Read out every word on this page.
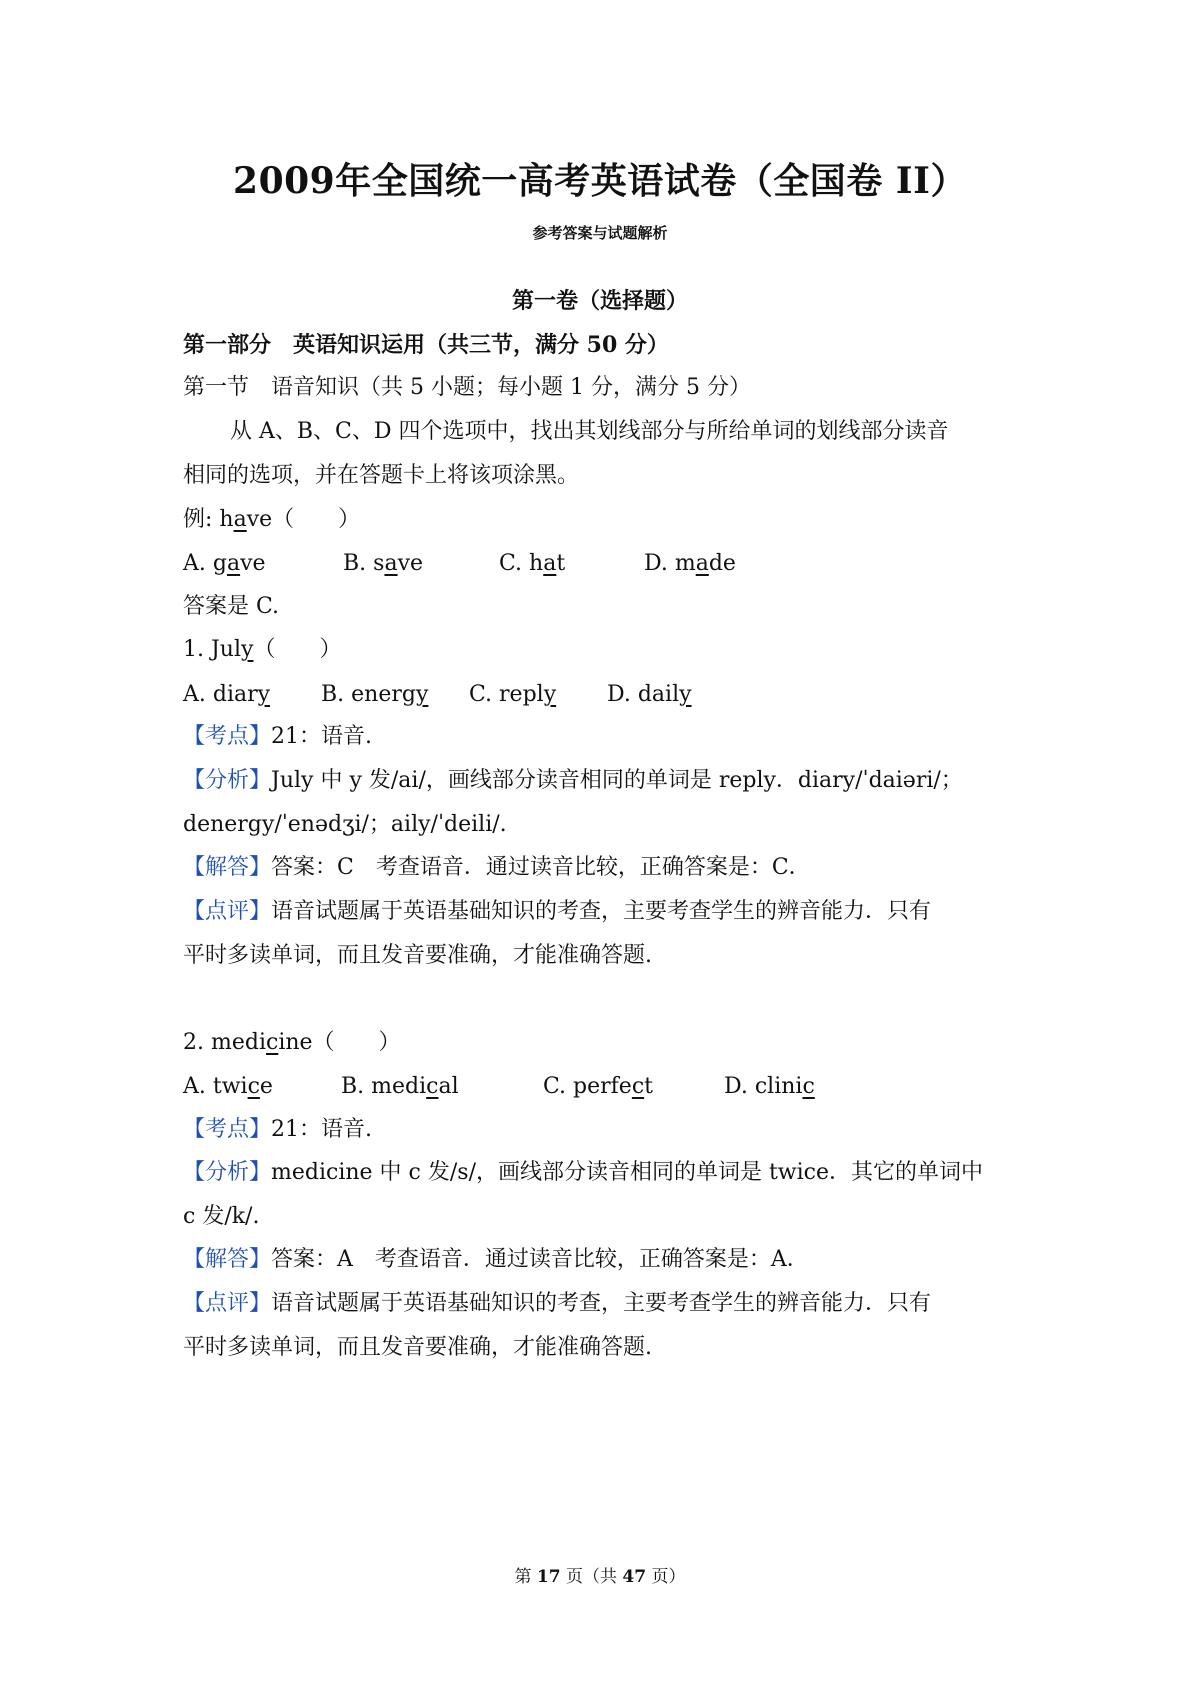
2009年全国统一高考英语试卷（全国卷 II）
参考答案与试题解析
第一卷（选择题）
第一部分　英语知识运用（共三节，满分 50 分）
第一节　语音知识（共 5 小题；每小题 1 分，满分 5 分）
从 A、B、C、D 四个选项中，找出其划线部分与所给单词的划线部分读音
相同的选项，并在答题卡上将该项涂黑。
例: have（　　）
A. gave	B. save	C. hat	D. made
答案是 C.
1. July（　　）
A. diary B. energy C. reply D. daily
【考点】21：语音.
【分析】July 中 y 发/ai/，画线部分读音相同的单词是 reply．diary/ˈdaiəri/；
denergy/ˈenədʒi/；aily/ˈdeili/.
【解答】答案：C　考查语音．通过读音比较，正确答案是：C．
【点评】语音试题属于英语基础知识的考查，主要考查学生的辨音能力．只有
平时多读单词，而且发音要准确，才能准确答题.
2. medicine（　　）
A. twice	B. medical	C. perfect	D. clinic
【考点】21：语音.
【分析】medicine 中 c 发/s/，画线部分读音相同的单词是 twice．其它的单词中
c 发/k/.
【解答】答案：A　考查语音．通过读音比较，正确答案是：A．
【点评】语音试题属于英语基础知识的考查，主要考查学生的辨音能力．只有
平时多读单词，而且发音要准确，才能准确答题.
第 17 页（共 47 页）
